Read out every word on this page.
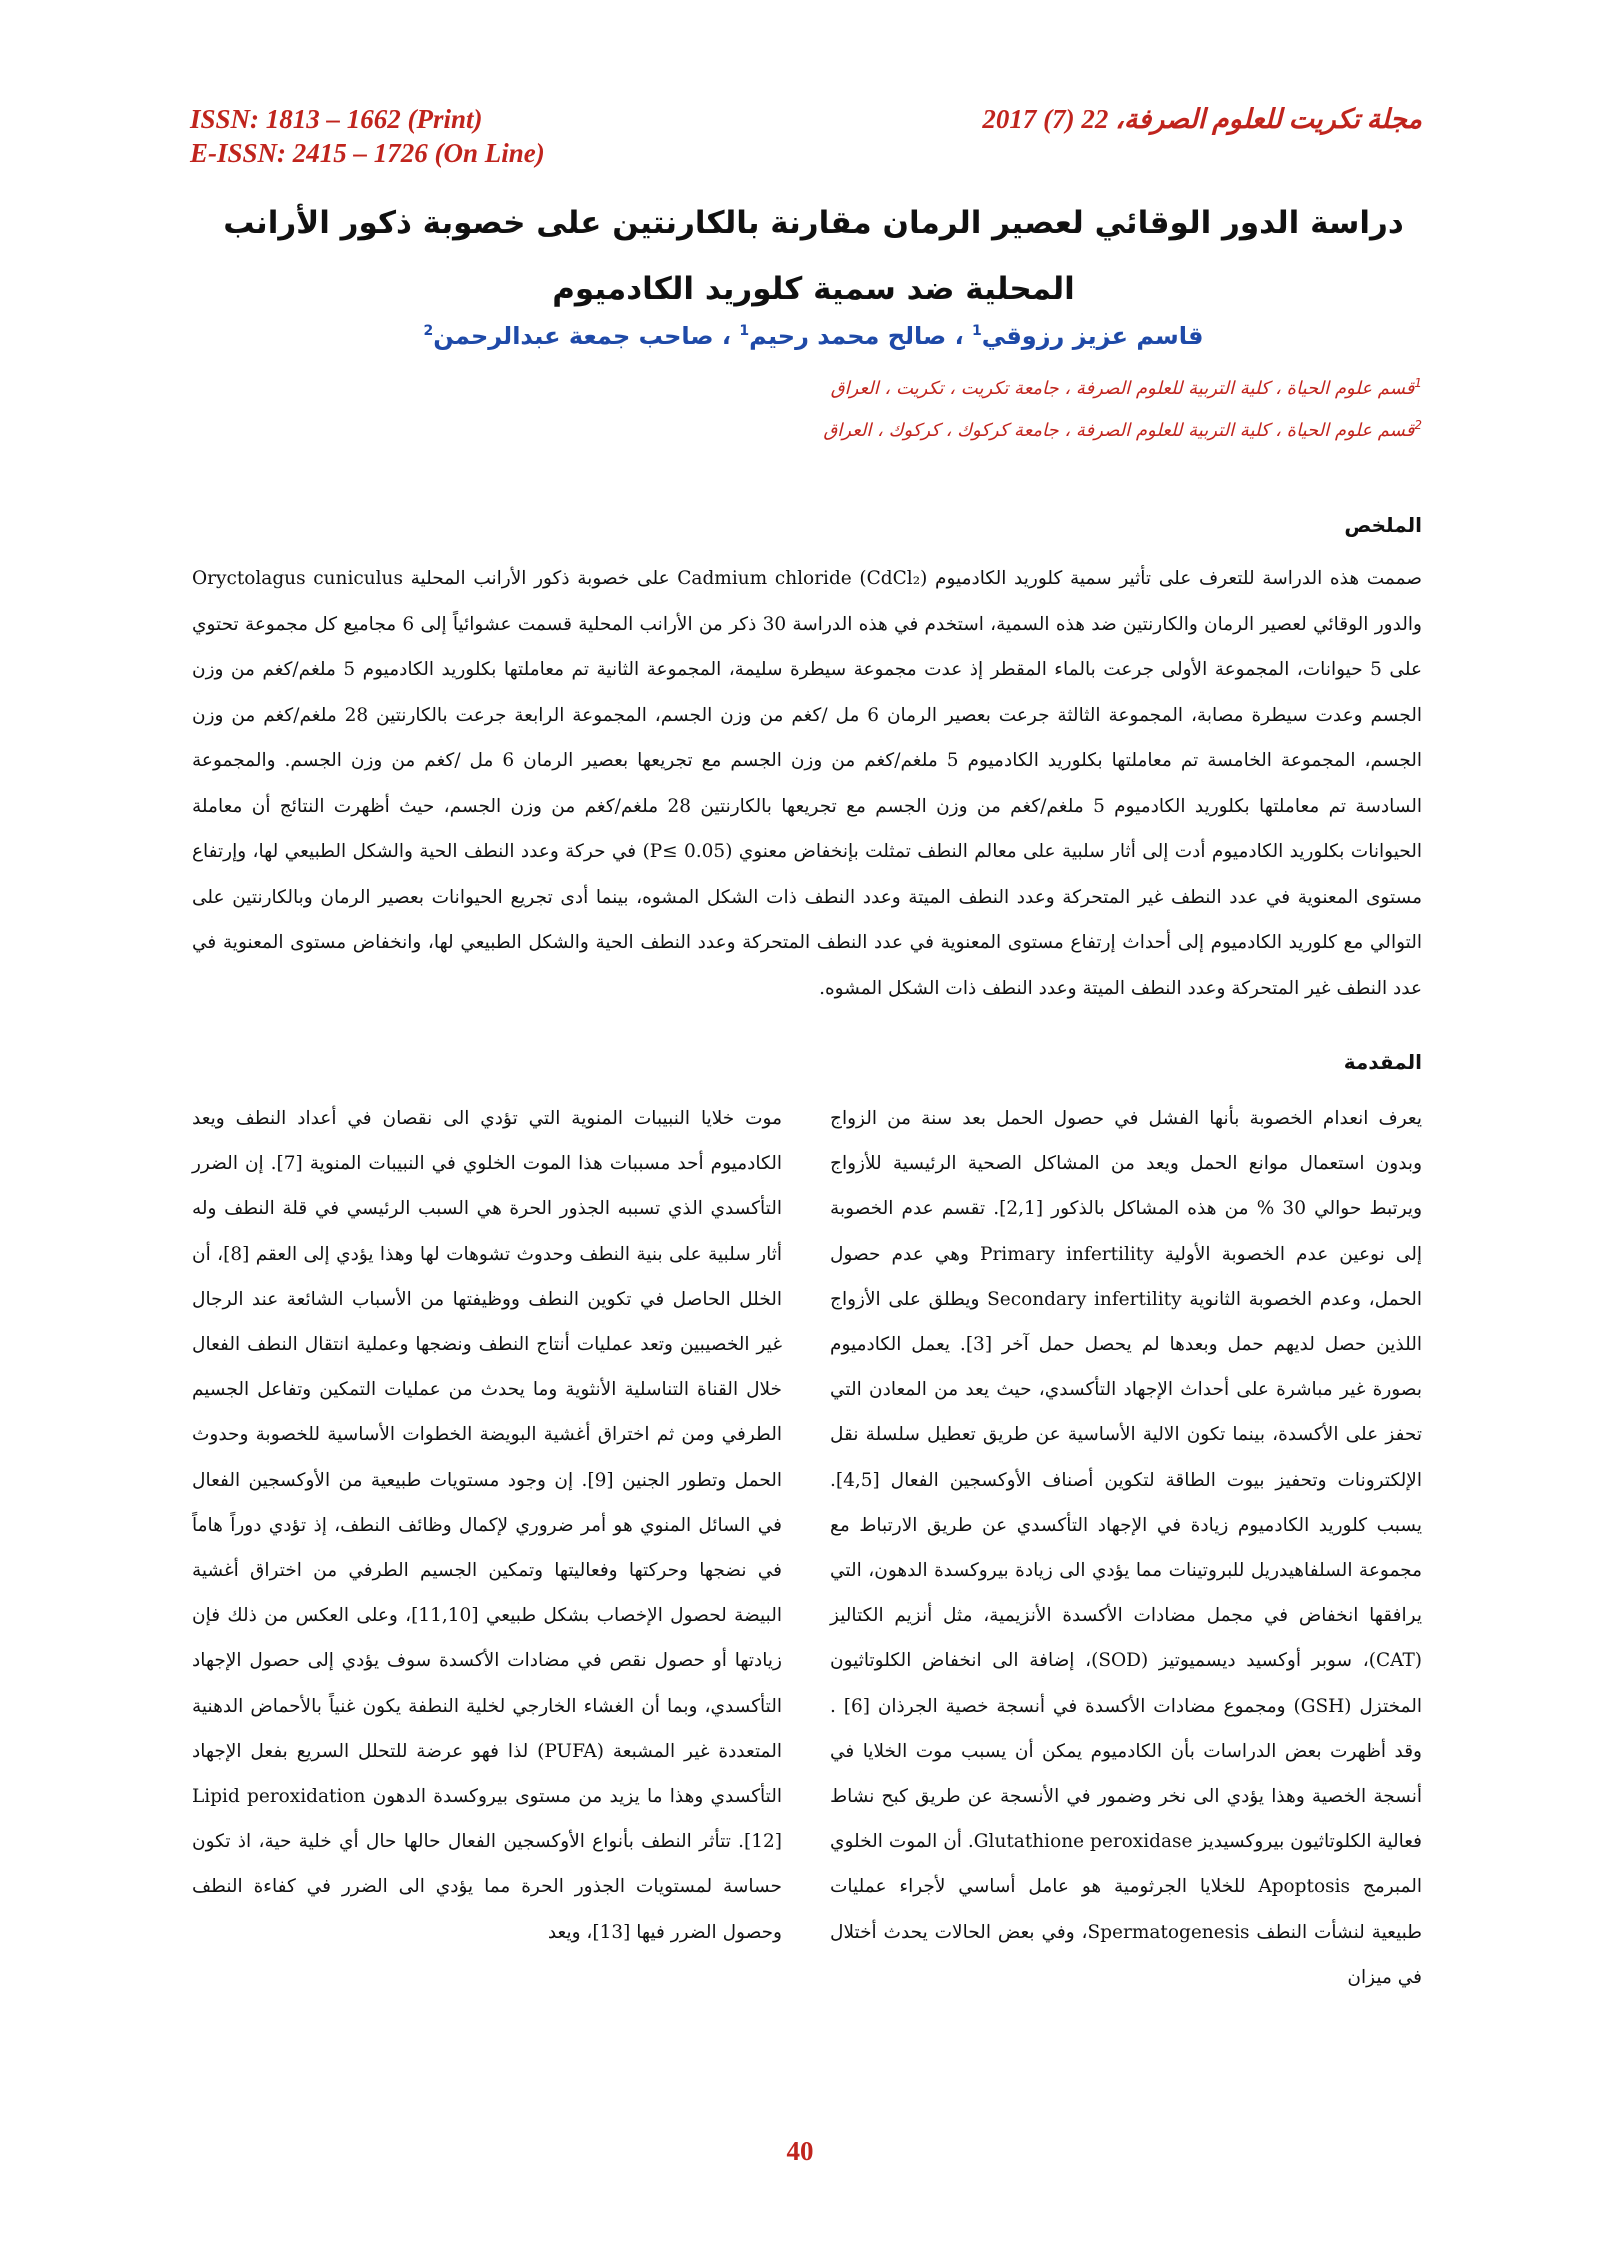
ISSN: 1813 – 1662 (Print)
E-ISSN: 2415 – 1726 (On Line)
مجلة تكريت للعلوم الصرفة، 22 (7) 2017
دراسة الدور الوقائي لعصير الرمان مقارنة بالكارنتين على خصوبة ذكور الأرانب المحلية ضد سمية كلوريد الكادميوم
قاسم عزيز رزوقي$^1$ ، صالح محمد رحيم$^1$ ، صاحب جمعة عبدالرحمن$^2$
$^1$قسم علوم الحياة ، كلية التربية للعلوم الصرفة ، جامعة تكريت ، تكريت ، العراق
$^2$قسم علوم الحياة ، كلية التربية للعلوم الصرفة ، جامعة كركوك ، كركوك ، العراق
الملخص
صممت هذه الدراسة للتعرف على تأثير سمية كلوريد الكادميوم Cadmium chloride (CdCl₂) على خصوبة ذكور الأرانب المحلية Oryctolagus cuniculus والدور الوقائي لعصير الرمان والكارنتين ضد هذه السمية، استخدم في هذه الدراسة 30 ذكر من الأرانب المحلية قسمت عشوائياً إلى 6 مجاميع كل مجموعة تحتوي على 5 حيوانات، المجموعة الأولى جرعت بالماء المقطر إذ عدت مجموعة سيطرة سليمة، المجموعة الثانية تم معاملتها بكلوريد الكادميوم 5 ملغم/كغم من وزن الجسم وعدت سيطرة مصابة، المجموعة الثالثة جرعت بعصير الرمان 6 مل /كغم من وزن الجسم، المجموعة الرابعة جرعت بالكارنتين 28 ملغم/كغم من وزن الجسم، المجموعة الخامسة تم معاملتها بكلوريد الكادميوم 5 ملغم/كغم من وزن الجسم مع تجريعها بعصير الرمان 6 مل /كغم من وزن الجسم. والمجموعة السادسة تم معاملتها بكلوريد الكادميوم 5 ملغم/كغم من وزن الجسم مع تجريعها بالكارنتين 28 ملغم/كغم من وزن الجسم، حيث أظهرت النتائج أن معاملة الحيوانات بكلوريد الكادميوم أدت إلى أثار سلبية على معالم النطف تمثلت بإنخفاض معنوي (P≤ 0.05) في حركة وعدد النطف الحية والشكل الطبيعي لها، وإرتفاع مستوى المعنوية في عدد النطف غير المتحركة وعدد النطف الميتة وعدد النطف ذات الشكل المشوه، بينما أدى تجريع الحيوانات بعصير الرمان وبالكارنتين على التوالي مع كلوريد الكادميوم إلى أحداث إرتفاع مستوى المعنوية في عدد النطف المتحركة وعدد النطف الحية والشكل الطبيعي لها، وانخفاض مستوى المعنوية في عدد النطف غير المتحركة وعدد النطف الميتة وعدد النطف ذات الشكل المشوه.
المقدمة
يعرف انعدام الخصوبة بأنها الفشل في حصول الحمل بعد سنة من الزواج وبدون استعمال موانع الحمل ويعد من المشاكل الصحية الرئيسية للأزواج ويرتبط حوالي 30 % من هذه المشاكل بالذكور [2,1]. تقسم عدم الخصوبة إلى نوعين عدم الخصوبة الأولية Primary infertility وهي عدم حصول الحمل، وعدم الخصوبة الثانوية Secondary infertility ويطلق على الأزواج اللذين حصل لديهم حمل وبعدها لم يحصل حمل آخر [3]. يعمل الكادميوم بصورة غير مباشرة على أحداث الإجهاد التأكسدي، حيث يعد من المعادن التي تحفز على الأكسدة، بينما تكون الالية الأساسية عن طريق تعطيل سلسلة نقل الإلكترونات وتحفيز بيوت الطاقة لتكوين أصناف الأوكسجين الفعال [4,5]. يسبب كلوريد الكادميوم زيادة في الإجهاد التأكسدي عن طريق الارتباط مع مجموعة السلفاهيدريل للبروتينات مما يؤدي الى زيادة بيروكسدة الدهون، التي يرافقها انخفاض في مجمل مضادات الأكسدة الأنزيمية، مثل أنزيم الكتاليز (CAT)، سوبر أوكسيد ديسميوتيز (SOD)، إضافة الى انخفاض الكلوتاثيون المختزل (GSH) ومجموع مضادات الأكسدة في أنسجة خصية الجرذان [6] . وقد أظهرت بعض الدراسات بأن الكادميوم يمكن أن يسبب موت الخلايا في أنسجة الخصية وهذا يؤدي الى نخر وضمور في الأنسجة عن طريق كبح نشاط فعالية الكلوتاثيون بيروكسيديز Glutathione peroxidase. أن الموت الخلوي المبرمج Apoptosis للخلايا الجرثومية هو عامل أساسي لأجراء عمليات طبيعية لنشأت النطف Spermatogenesis، وفي بعض الحالات يحدث أختلال في ميزان
موت خلايا النبيبات المنوية التي تؤدي الى نقصان في أعداد النطف ويعد الكادميوم أحد مسببات هذا الموت الخلوي في النبيبات المنوية [7]. إن الضرر التأكسدي الذي تسببه الجذور الحرة هي السبب الرئيسي في قلة النطف وله أثار سلبية على بنية النطف وحدوث تشوهات لها وهذا يؤدي إلى العقم [8]، أن الخلل الحاصل في تكوين النطف ووظيفتها من الأسباب الشائعة عند الرجال غير الخصيبين وتعد عمليات أنتاج النطف ونضجها وعملية انتقال النطف الفعال خلال القناة التناسلية الأنثوية وما يحدث من عمليات التمكين وتفاعل الجسيم الطرفي ومن ثم اختراق أغشية البويضة الخطوات الأساسية للخصوبة وحدوث الحمل وتطور الجنين [9]. إن وجود مستويات طبيعية من الأوكسجين الفعال في السائل المنوي هو أمر ضروري لإكمال وظائف النطف، إذ تؤدي دوراً هاماً في نضجها وحركتها وفعاليتها وتمكين الجسيم الطرفي من اختراق أغشية البيضة لحصول الإخصاب بشكل طبيعي [11,10]، وعلى العكس من ذلك فإن زيادتها أو حصول نقص في مضادات الأكسدة سوف يؤدي إلى حصول الإجهاد التأكسدي، وبما أن الغشاء الخارجي لخلية النطفة يكون غنياً بالأحماض الدهنية المتعددة غير المشبعة (PUFA) لذا فهو عرضة للتحلل السريع بفعل الإجهاد التأكسدي وهذا ما يزيد من مستوى بيروكسدة الدهون Lipid peroxidation [12]. تتأثر النطف بأنواع الأوكسجين الفعال حالها حال أي خلية حية، اذ تكون حساسة لمستويات الجذور الحرة مما يؤدي الى الضرر في كفاءة النطف وحصول الضرر فيها [13]، ويعد
40
